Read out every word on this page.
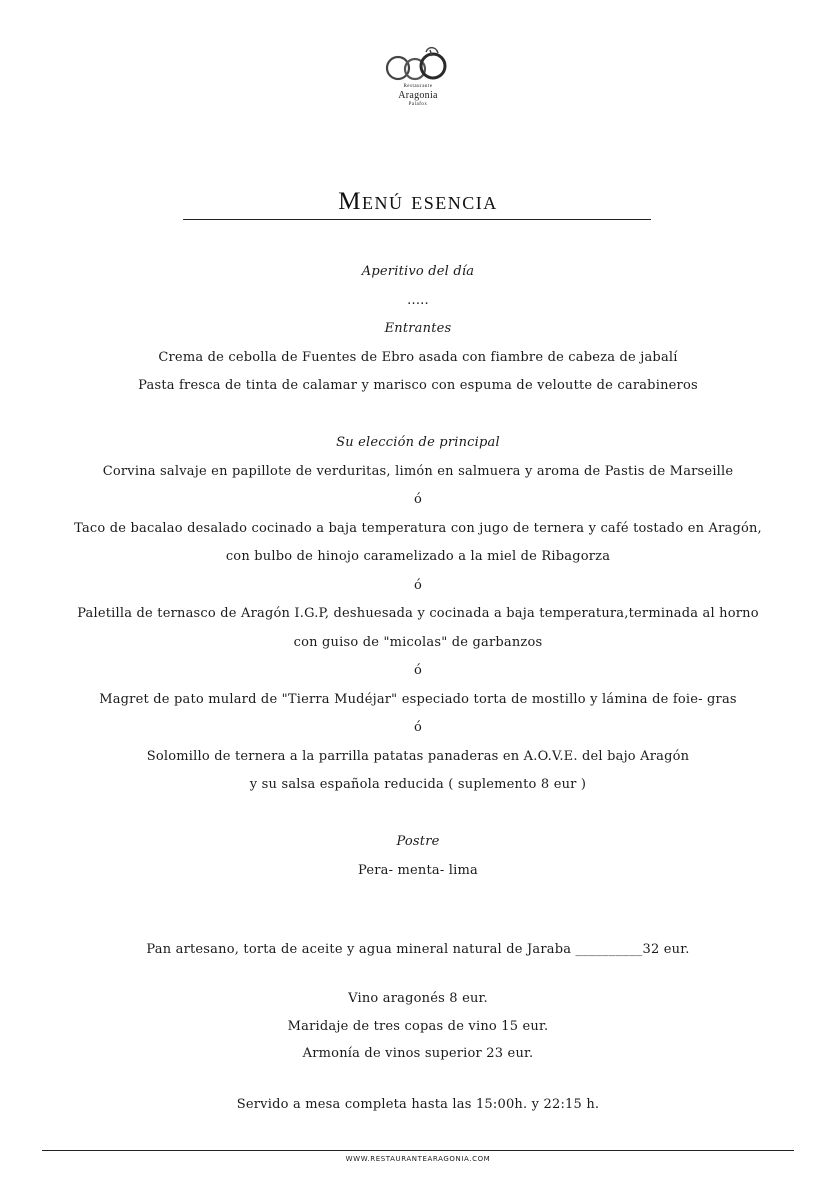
Restaurante
Aragonia
Palafox
Menú esencia

Aperitivo del día

.....

Entrantes

Crema de cebolla de Fuentes de Ebro asada con fiambre de cabeza de jabalí

Pasta fresca de tinta de calamar y marisco con espuma de veloutte de carabineros

Su elección de principal

Corvina salvaje en papillote de verduritas, limón en salmuera y aroma de Pastis de Marseille

ó

Taco de bacalao desalado cocinado a baja temperatura con jugo de ternera y café tostado en Aragón,

con bulbo de hinojo caramelizado a la miel de Ribagorza

ó

Paletilla de ternasco de Aragón I.G.P, deshuesada y cocinada a baja temperatura,terminada al horno

con guiso de "micolas" de garbanzos

ó

Magret de pato mulard de "Tierra Mudéjar" especiado torta de mostillo y lámina de foie- gras

ó

Solomillo de ternera a la parrilla patatas panaderas en A.O.V.E. del bajo Aragón

y su salsa española reducida ( suplemento 8 eur )

Postre

Pera- menta- lima

Pan artesano, torta de aceite y agua mineral natural de Jaraba __________32 eur.
Vino aragonés 8 eur.
Maridaje de tres copas de vino 15 eur.
Armonía de vinos superior 23 eur.
Servido a mesa completa hasta las 15:00h. y 22:15 h.
WWW.RESTAURANTEARAGONIA.COM
